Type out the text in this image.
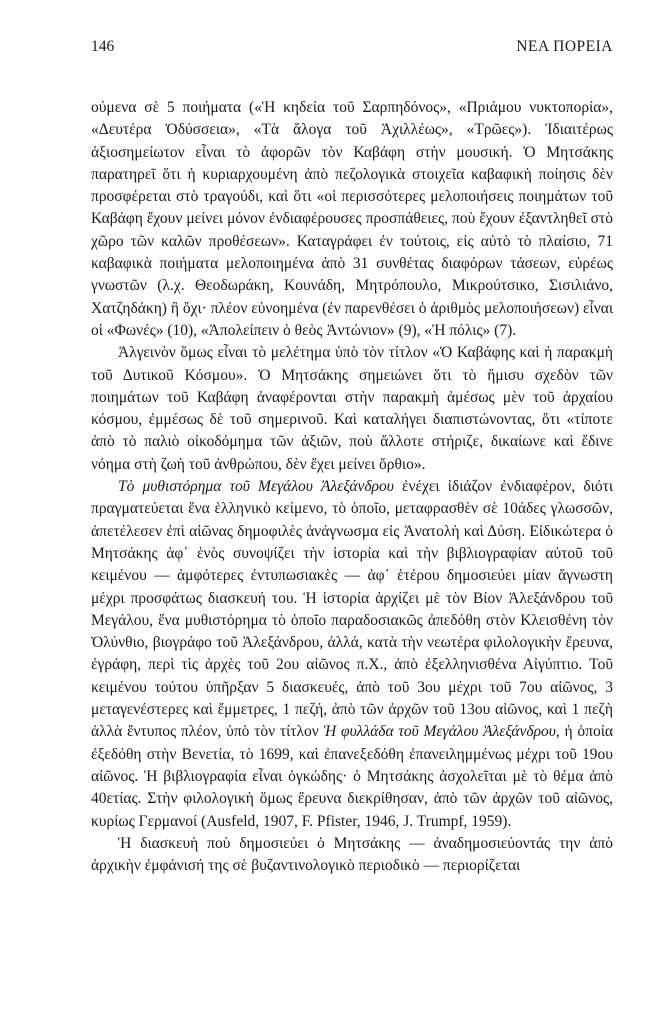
146	ΝΕΑ ΠΟΡΕΙΑ

ούμενα σὲ 5 ποιήματα («Ἡ κηδεία τοῦ Σαρπηδόνος», «Πριάμου νυκτοπορία», «Δευτέρα Ὀδύσσεια», «Τὰ ἄλογα τοῦ Ἀχιλλέως», «Τρῶες»). Ἰδιαιτέρως ἀξιοσημείωτον εἶναι τὸ ἀφορῶν τὸν Καβάφη στὴν μουσική. Ὁ Μητσάκης παρατηρεῖ ὅτι ἡ κυριαρχουμένη ἀπὸ πεζολογικὰ στοιχεῖα καβαφικὴ ποίησις δὲν προσφέρεται στὸ τραγούδι, καὶ ὅτι «οἱ περισσότερες μελοποιήσεις ποιημάτων τοῦ Καβάφη ἔχουν μείνει μόνον ἐνδιαφέρουσες προσπάθειες, ποὺ ἔχουν ἐξαντληθεῖ στὸ χῶρο τῶν καλῶν προθέσεων». Καταγράφει ἐν τούτοις, εἰς αὐτὸ τὸ πλαίσιο, 71 καβαφικὰ ποιήματα μελοποιημένα ἀπὸ 31 συνθέτας διαφόρων τάσεων, εὑρέως γνωστῶν (λ.χ. Θεοδωράκη, Κουνάδη, Μητρόπουλο, Μικρούτσικο, Σισιλιάνο, Χατζηδάκη) ἢ ὄχι· πλέον εὐνοημένα (ἐν παρενθέσει ὁ ἀριθμὸς μελοποιήσεων) εἶναι οἱ «Φωνές» (10), «Ἀπολείπειν ὁ θεὸς Ἀντώνιον» (9), «Ἡ πόλις» (7).

Ἀλγεινὸν ὅμως εἶναι τὸ μελέτημα ὑπὸ τὸν τίτλον «Ὁ Καβάφης καὶ ἡ παρακμὴ τοῦ Δυτικοῦ Κόσμου». Ὁ Μητσάκης σημειώνει ὅτι τὸ ἥμισυ σχεδὸν τῶν ποιημάτων τοῦ Καβάφη ἀναφέρονται στὴν παρακμὴ ἀμέσως μὲν τοῦ ἀρχαίου κόσμου, ἐμμέσως δὲ τοῦ σημερινοῦ. Καὶ καταλήγει διαπιστώνοντας, ὅτι «τίποτε ἀπὸ τὸ παλιὸ οἰκοδόμημα τῶν ἀξιῶν, ποὺ ἄλλοτε στήριζε, δικαίωνε καὶ ἔδινε νόημα στὴ ζωὴ τοῦ ἀνθρώπου, δὲν ἔχει μείνει ὄρθιο».

Τὸ μυθιστόρημα τοῦ Μεγάλου Ἀλεξάνδρου ἐνέχει ἰδιάζον ἐνδιαφέρον, διότι πραγματεύεται ἕνα ἑλληνικὸ κείμενο, τὸ ὁποῖο, μεταφρασθὲν σὲ 10άδες γλωσσῶν, ἀπετέλεσεν ἐπὶ αἰῶνας δημοφιλὲς ἀνάγνωσμα εἰς Ἀνατολὴ καὶ Δύση. Εἰδικώτερα ὁ Μητσάκης ἀφ᾽ ἑνὸς συνοψίζει τὴν ἱστορία καὶ τὴν βιβλιογραφίαν αὐτοῦ τοῦ κειμένου — ἀμφότερες ἐντυπωσιακὲς — ἀφ᾽ ἑτέρου δημοσιεύει μίαν ἄγνωστη μέχρι προσφάτως διασκευή του. Ἡ ἱστορία ἀρχίζει μὲ τὸν Βίον Ἀλεξάνδρου τοῦ Μεγάλου, ἕνα μυθιστόρημα τὸ ὁποῖο παραδοσιακῶς ἀπεδόθη στὸν Κλεισθένη τὸν Ὀλύνθιο, βιογράφο τοῦ Ἀλεξάνδρου, ἀλλά, κατὰ τὴν νεωτέρα φιλολογικὴν ἔρευνα, ἐγράφη, περὶ τὶς ἀρχὲς τοῦ 2ου αἰῶνος π.Χ., ἀπὸ ἐξελληνισθένα Αἰγύπτιο. Τοῦ κειμένου τούτου ὑπῆρξαν 5 διασκευές, ἀπὸ τοῦ 3ου μέχρι τοῦ 7ου αἰῶνος, 3 μεταγενέστερες καὶ ἔμμετρες, 1 πεζή, ἀπὸ τῶν ἀρχῶν τοῦ 13ου αἰῶνος, καὶ 1 πεζὴ ἀλλὰ ἔντυπος πλέον, ὑπὸ τὸν τίτλον Ἡ φυλλάδα τοῦ Μεγάλου Ἀλεξάνδρου, ἡ ὁποία ἐξεδόθη στὴν Βενετία, τὸ 1699, καὶ ἐπανεξεδόθη ἐπανειλημμένως μέχρι τοῦ 19ου αἰῶνος. Ἡ βιβλιογραφία εἶναι ὀγκώδης· ὁ Μητσάκης ἀσχολεῖται μὲ τὸ θέμα ἀπὸ 40ετίας. Στὴν φιλολογικὴ ὅμως ἔρευνα διεκρίθησαν, ἀπὸ τῶν ἀρχῶν τοῦ αἰῶνος, κυρίως Γερμανοί (Ausfeld, 1907, F. Pfister, 1946, J. Trumpf, 1959).

Ἡ διασκευὴ ποὺ δημοσιεύει ὁ Μητσάκης — ἀναδημοσιεύοντάς την ἀπὸ ἀρχικὴν ἐμφάνισή της σὲ βυζαντινολογικὸ περιοδικὸ — περιορίζεται
